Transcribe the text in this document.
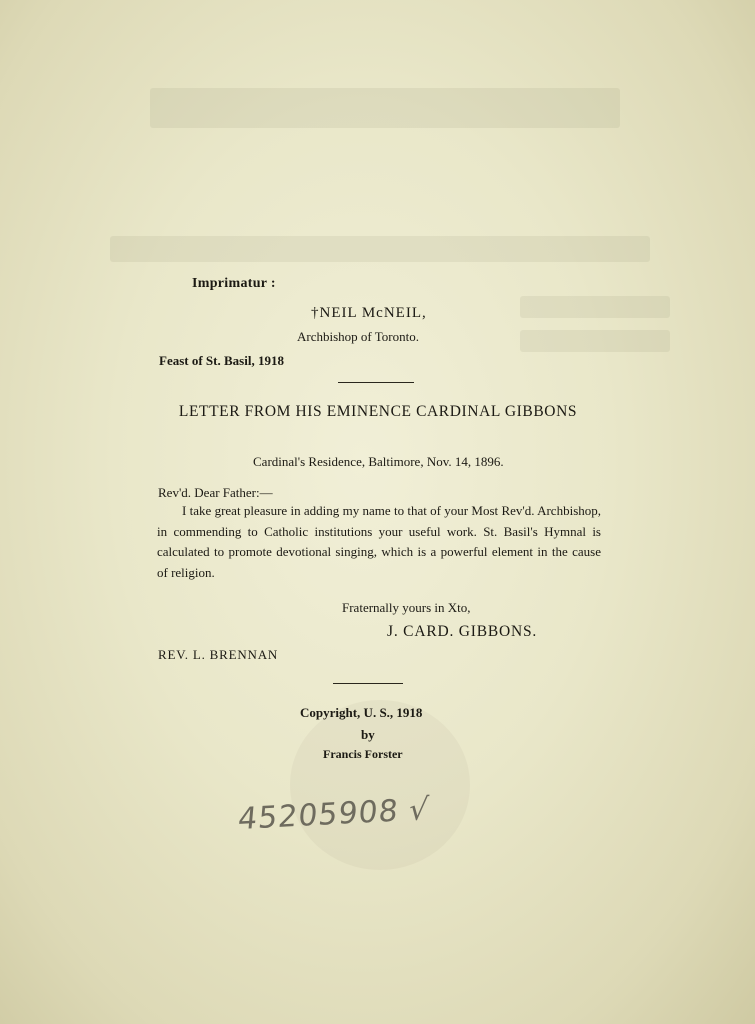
Imprimatur :
†NEIL McNEIL,
Archbishop of Toronto.
Feast of St. Basil, 1918
LETTER FROM HIS EMINENCE CARDINAL GIBBONS
Cardinal's Residence, Baltimore, Nov. 14, 1896.
Rev'd. Dear Father:—
I take great pleasure in adding my name to that of your Most Rev'd. Archbishop, in commending to Catholic institutions your useful work. St. Basil's Hymnal is calculated to promote devotional singing, which is a powerful element in the cause of religion.
Fraternally yours in Xto,
J. CARD. GIBBONS.
REV. L. BRENNAN
Copyright, U. S., 1918
by
Francis Forster
45205908 √
